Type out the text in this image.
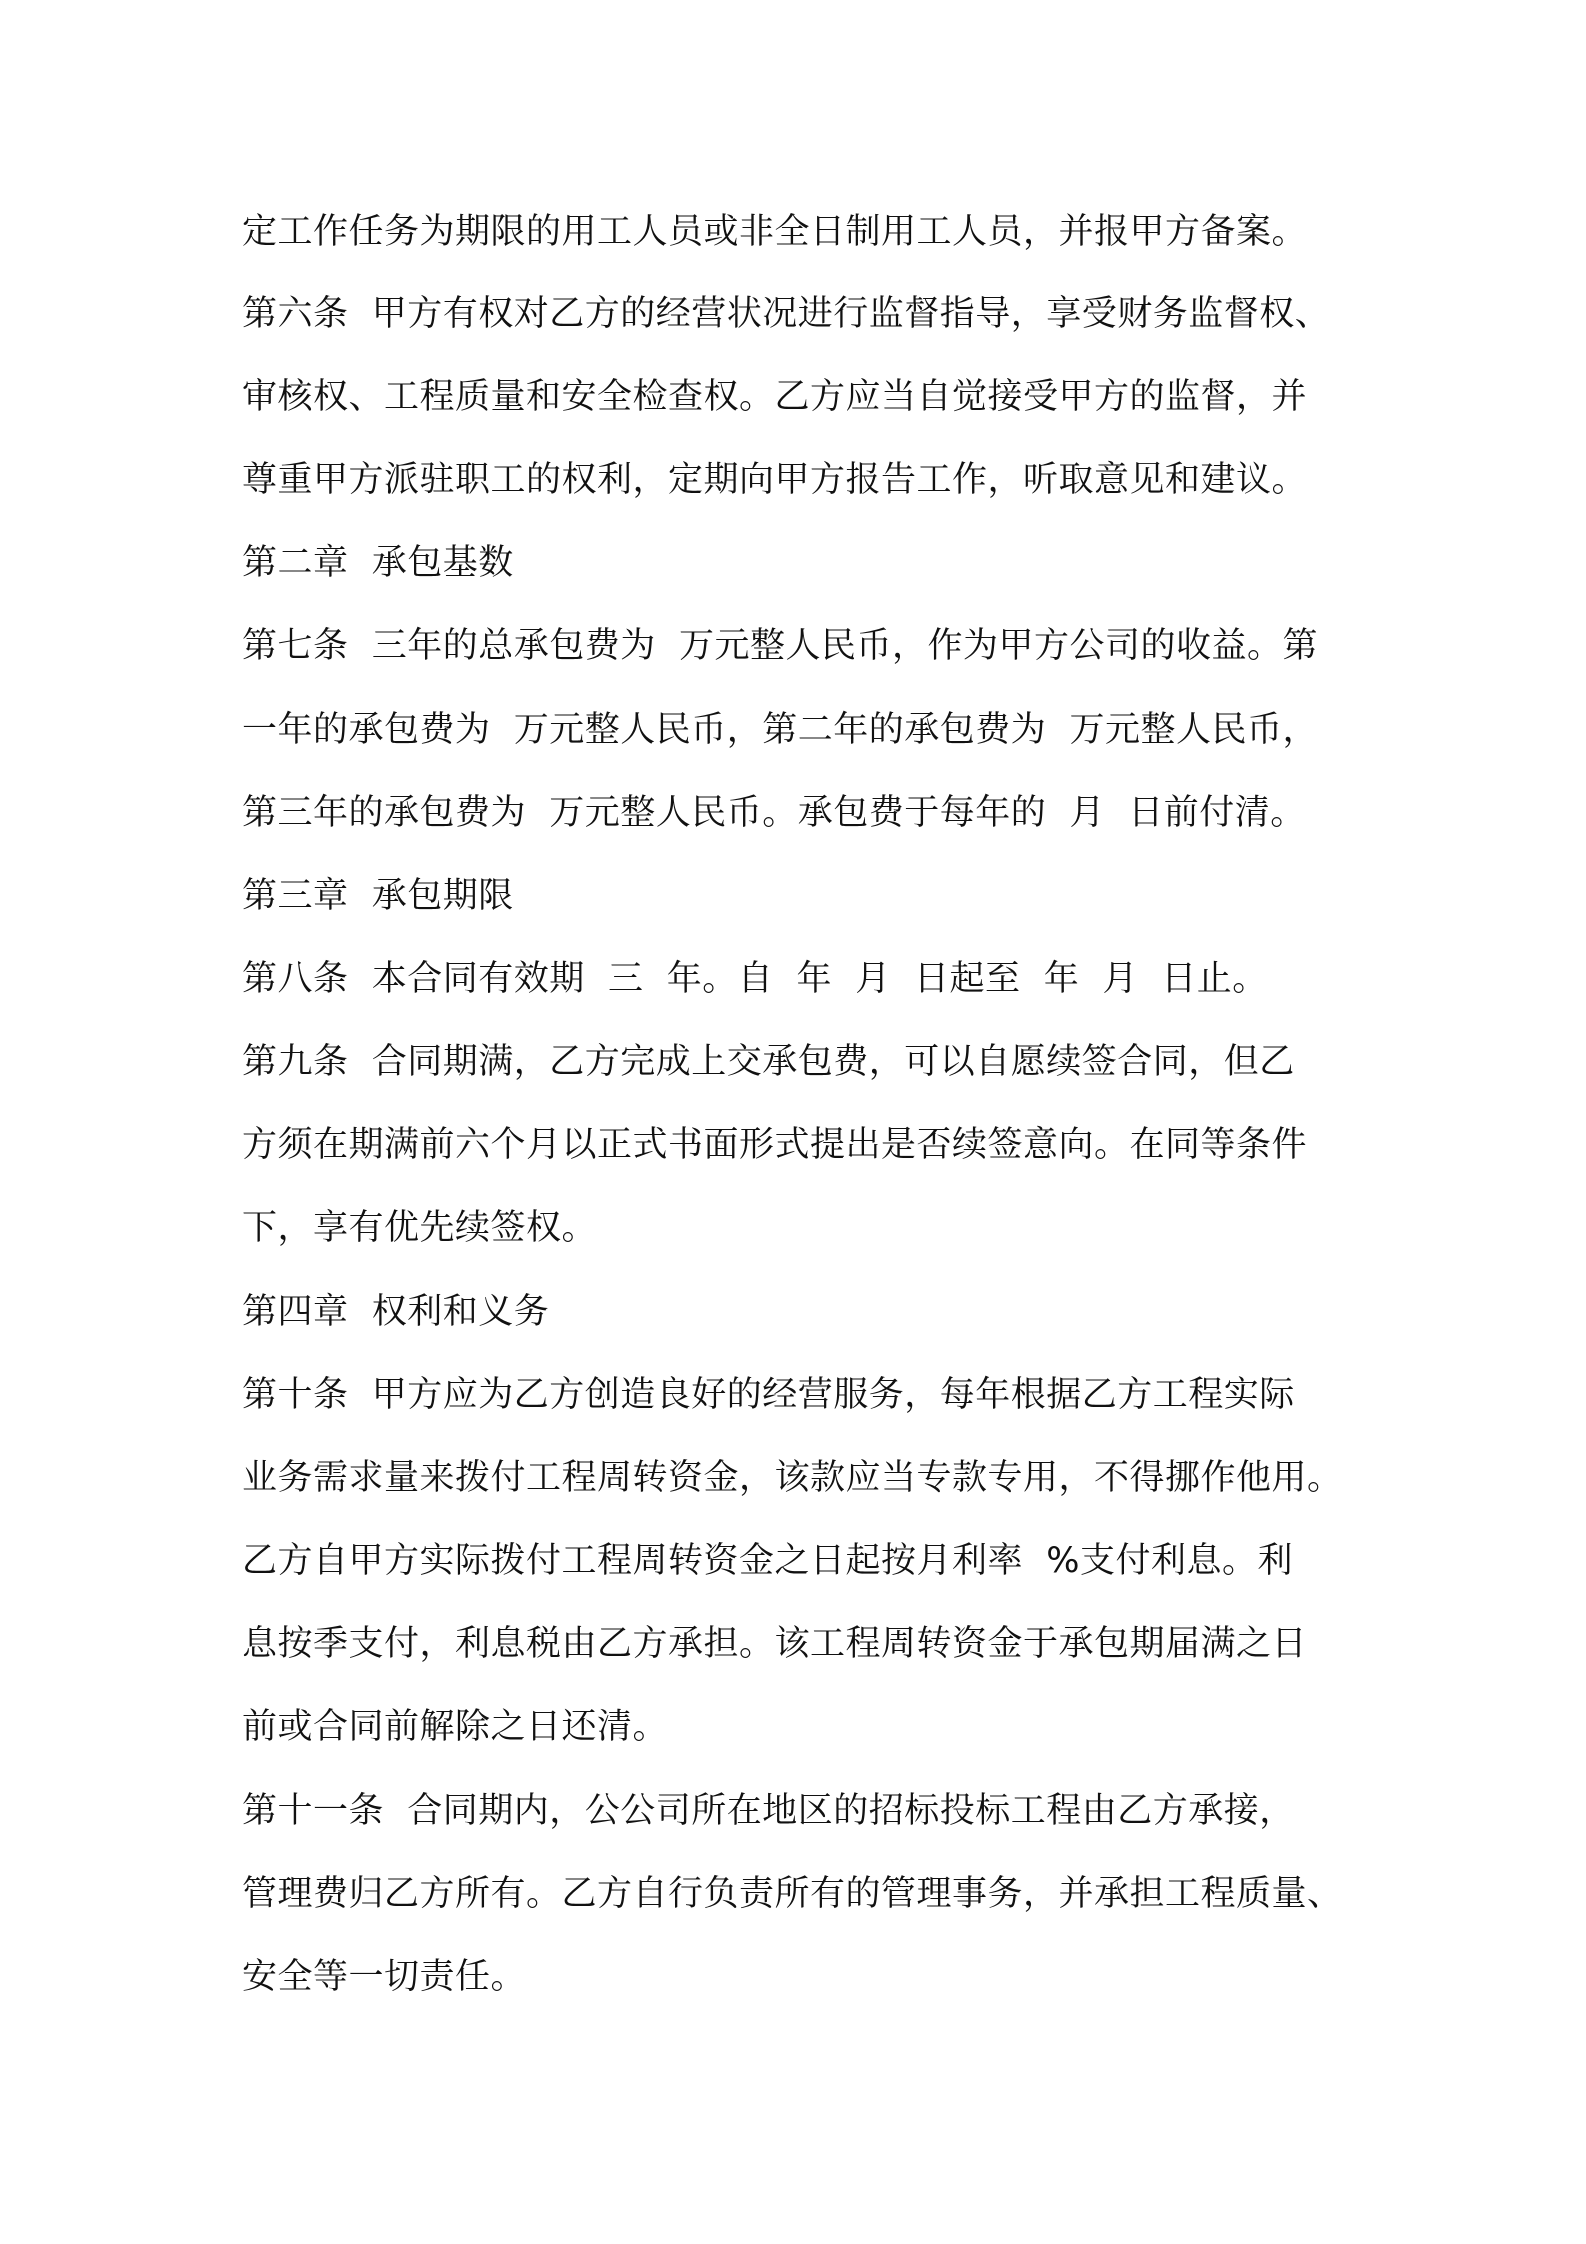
定工作任务为期限的用工人员或非全日制用工人员，并报甲方备案。
第六条  甲方有权对乙方的经营状况进行监督指导，享受财务监督权、
审核权、工程质量和安全检查权。乙方应当自觉接受甲方的监督，并
尊重甲方派驻职工的权利，定期向甲方报告工作，听取意见和建议。
第二章  承包基数
第七条  三年的总承包费为  万元整人民币，作为甲方公司的收益。第
一年的承包费为  万元整人民币，第二年的承包费为  万元整人民币，
第三年的承包费为  万元整人民币。承包费于每年的  月  日前付清。
第三章  承包期限
第八条  本合同有效期  三  年。自  年  月  日起至  年  月  日止。
第九条  合同期满，乙方完成上交承包费，可以自愿续签合同，但乙
方须在期满前六个月以正式书面形式提出是否续签意向。在同等条件
下，享有优先续签权。
第四章  权利和义务
第十条  甲方应为乙方创造良好的经营服务，每年根据乙方工程实际
业务需求量来拨付工程周转资金，该款应当专款专用，不得挪作他用。
乙方自甲方实际拨付工程周转资金之日起按月利率  %支付利息。利
息按季支付，利息税由乙方承担。该工程周转资金于承包期届满之日
前或合同前解除之日还清。
第十一条  合同期内，公公司所在地区的招标投标工程由乙方承接，
管理费归乙方所有。乙方自行负责所有的管理事务，并承担工程质量、
安全等一切责任。
